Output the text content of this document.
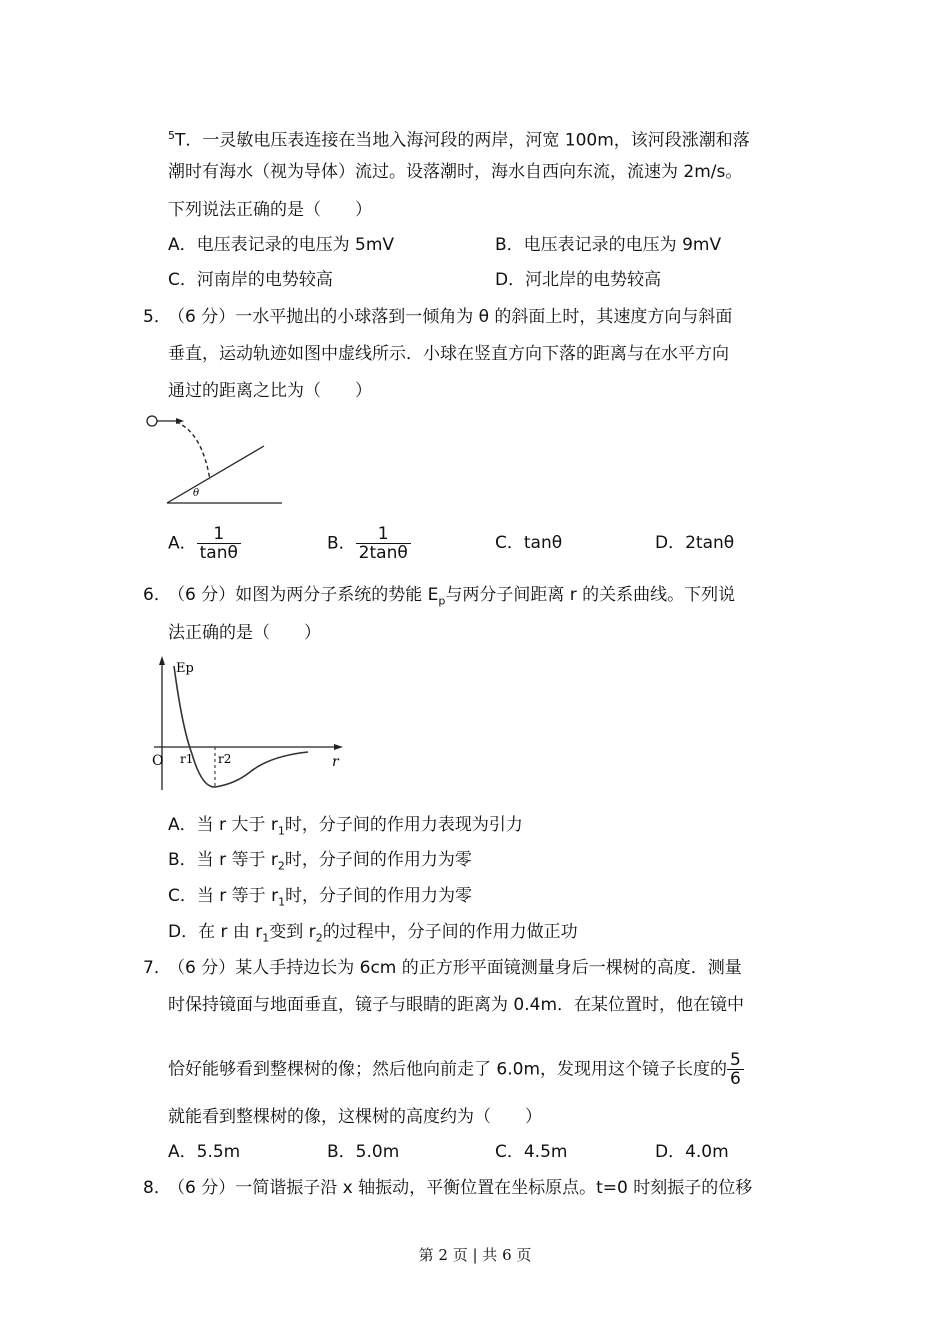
$^5$T．一灵敏电压表连接在当地入海河段的两岸，河宽 100m，该河段涨潮和落
潮时有海水（视为导体）流过。设落潮时，海水自西向东流，流速为 2m/s。
下列说法正确的是（　　）
A．电压表记录的电压为 5mV	B．电压表记录的电压为 9mV
C．河南岸的电势较高	D．河北岸的电势较高
5．
（6 分）一水平抛出的小球落到一倾角为 θ 的斜面上时，其速度方向与斜面
垂直，运动轨迹如图中虚线所示．小球在竖直方向下落的距离与在水平方向
通过的距离之比为（　　）
θ
A． $\frac{1}{\tan\theta}$	B． $\frac{1}{2\tan\theta}$	C．tanθ	D．2tanθ
6．
（6 分）如图为两分子系统的势能 $E_p$与两分子间距离 r 的关系曲线。下列说
法正确的是（　　）
Ep
O r1 r2	r
A．当 r 大于 $r_1$时，分子间的作用力表现为引力
B．当 r 等于 $r_2$时，分子间的作用力为零
C．当 r 等于 $r_1$时，分子间的作用力为零
D．在 r 由 $r_1$变到 $r_2$的过程中，分子间的作用力做正功
7．
（6 分）某人手持边长为 6cm 的正方形平面镜测量身后一棵树的高度．测量
时保持镜面与地面垂直，镜子与眼睛的距离为 0.4m．在某位置时，他在镜中
恰好能够看到整棵树的像；然后他向前走了 6.0m，发现用这个镜子长度的 $\frac{5}{6}$
就能看到整棵树的像，这棵树的高度约为（　　）
A．5.5m	B．5.0m	C．4.5m	D．4.0m
8．
（6 分）一简谐振子沿 x 轴振动，平衡位置在坐标原点。t=0 时刻振子的位移
第 2 页 | 共 6 页
